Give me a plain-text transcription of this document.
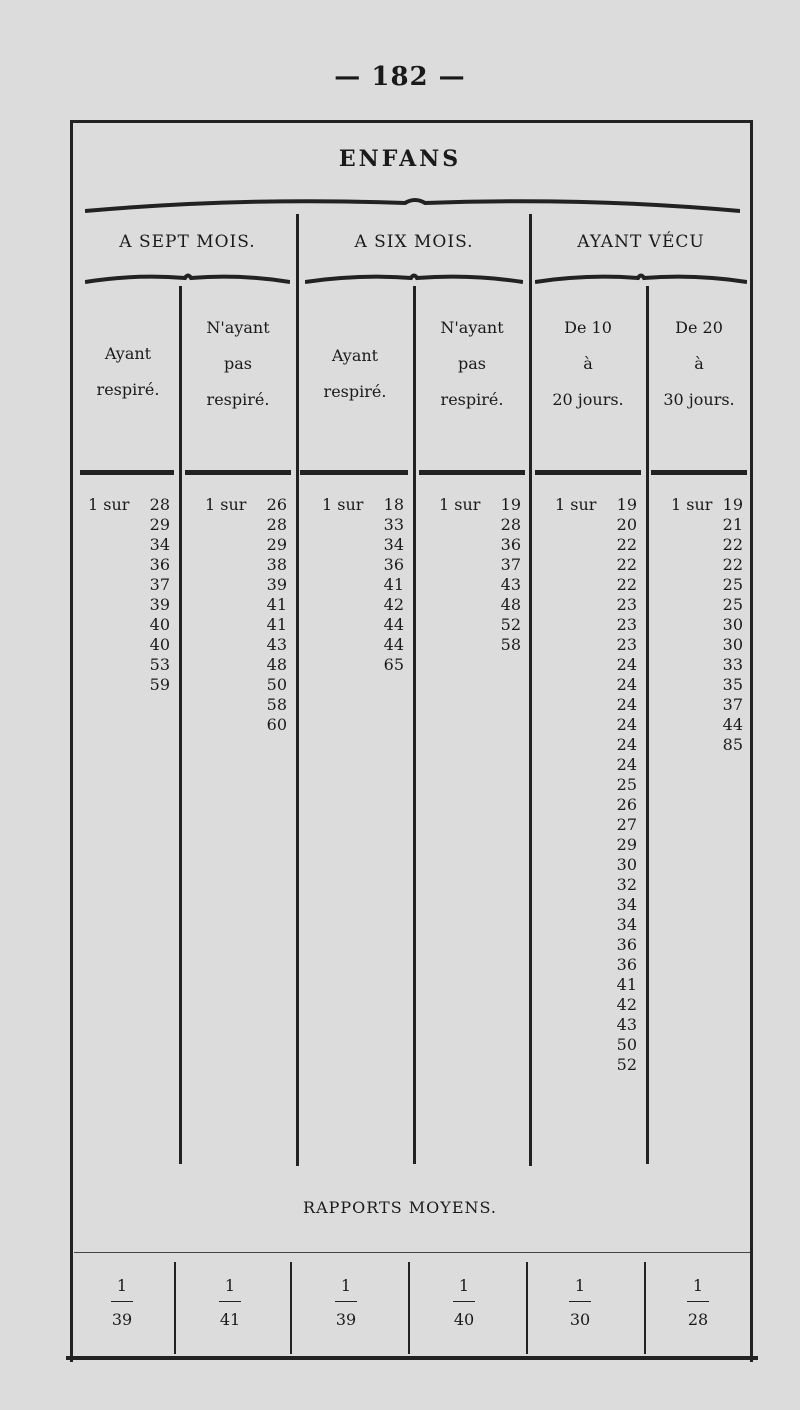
— 182 —
ENFANS
A SEPT MOIS.	A SIX MOIS.	AYANT VÉCU
Ayant
respiré.
N'ayant
pas
respiré.
Ayant
respiré.
N'ayant
pas
respiré.
De 10
à
20 jours.
De 20
à
30 jours.
1 sur 28
29
34
36
37
39
40
40
53
59
1 sur 26
28
29
38
39
41
41
43
48
50
58
60
1 sur 18
33
34
36
41
42
44
44
65
1 sur 19
28
36
37
43
48
52
58
1 sur 19
20
22
22
22
23
23
23
24
24
24
24
24
24
25
26
27
29
30
32
34
34
36
36
41
42
43
50
52
1 sur 19
21
22
22
25
25
30
30
33
35
37
44
85
RAPPORTS MOYENS.
1
39
1
41
1
39
1
40
1
30
1
28
